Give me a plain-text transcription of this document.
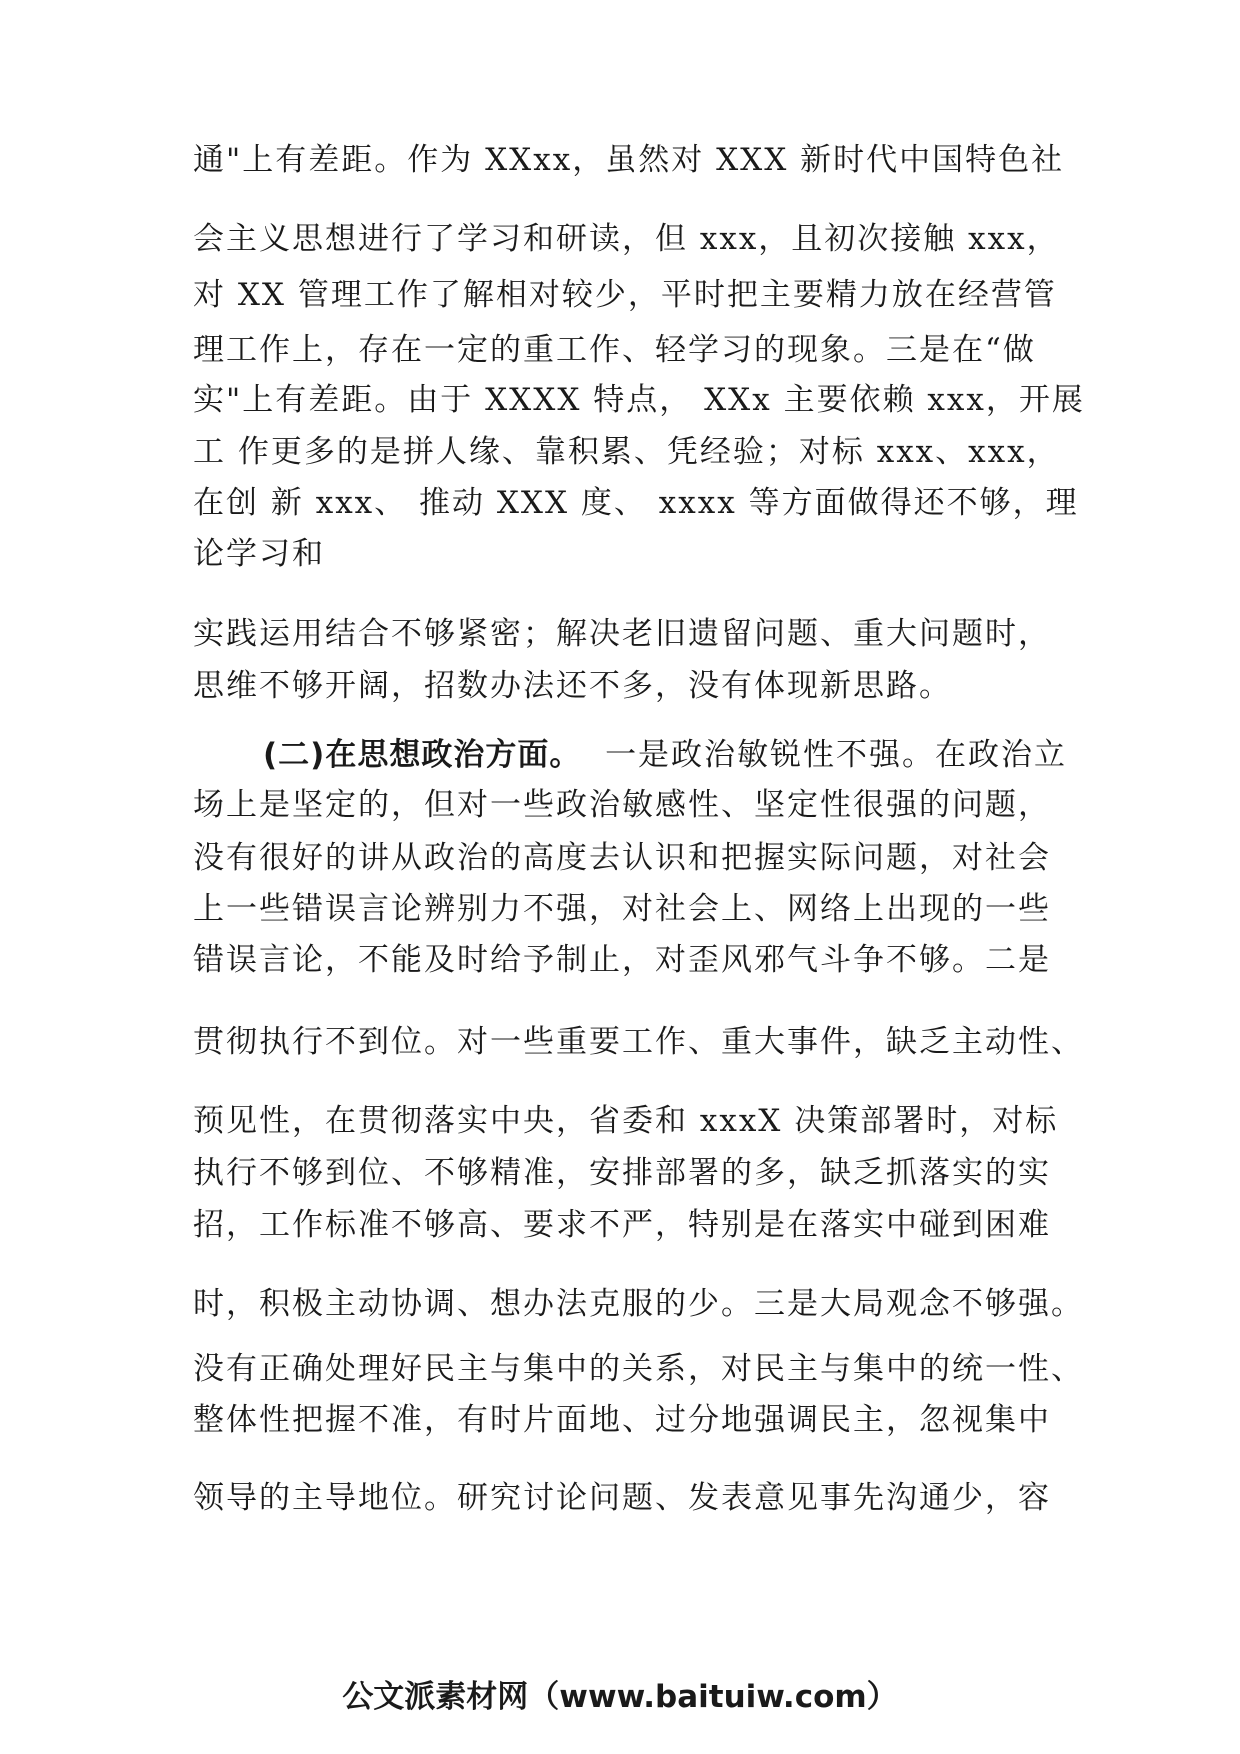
通"上有差距。作为 XXxx，虽然对 XXX 新时代中国特色社

会主义思想进行了学习和研读，但 xxx，且初次接触 xxx，

对 XX 管理工作了解相对较少，平时把主要精力放在经营管

理工作上，存在一定的重工作、轻学习的现象。三是在“做

实"上有差距。由于 XXXX 特点， XXx 主要依赖 xxx，开展

工 作更多的是拼人缘、靠积累、凭经验；对标 xxx、xxx，

在创 新 xxx、 推动 XXX 度、 xxxx 等方面做得还不够，理

论学习和

实践运用结合不够紧密；解决老旧遗留问题、重大问题时，

思维不够开阔，招数办法还不多，没有体现新思路。

(二)在思想政治方面。 一是政治敏锐性不强。在政治立

场上是坚定的，但对一些政治敏感性、坚定性很强的问题，

没有很好的讲从政治的高度去认识和把握实际问题，对社会

上一些错误言论辨别力不强，对社会上、网络上出现的一些

错误言论，不能及时给予制止，对歪风邪气斗争不够。二是

贯彻执行不到位。对一些重要工作、重大事件，缺乏主动性、

预见性，在贯彻落实中央，省委和 xxxX 决策部署时，对标

执行不够到位、不够精准，安排部署的多，缺乏抓落实的实

招，工作标准不够高、要求不严，特别是在落实中碰到困难

时，积极主动协调、想办法克服的少。三是大局观念不够强。

没有正确处理好民主与集中的关系，对民主与集中的统一性、

整体性把握不准，有时片面地、过分地强调民主，忽视集中

领导的主导地位。研究讨论问题、发表意见事先沟通少，容

公文派素材网（www.baituiw.com）
